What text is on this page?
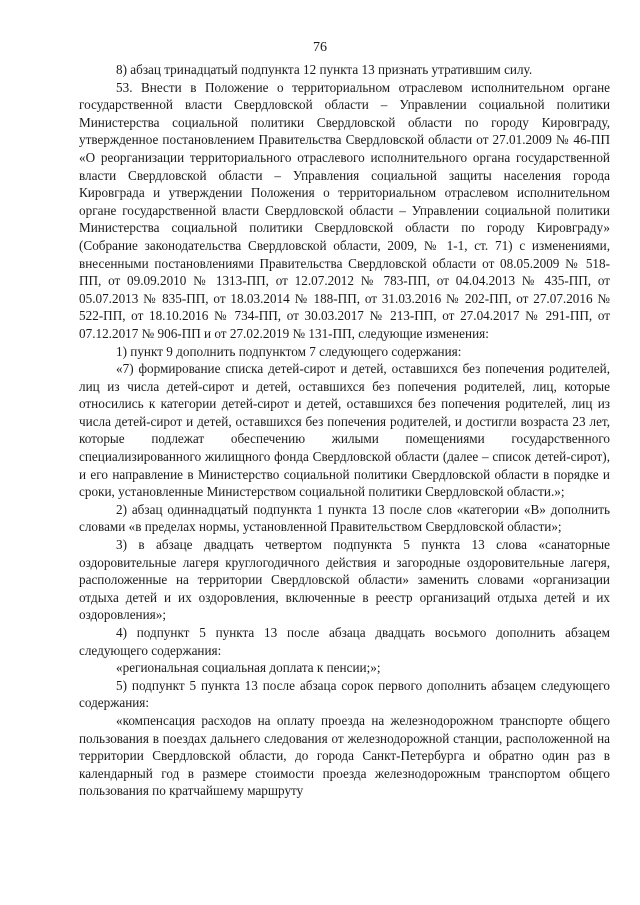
76

8) абзац тринадцатый подпункта 12 пункта 13 признать утратившим силу.

53. Внести в Положение о территориальном отраслевом исполнительном органе государственной власти Свердловской области – Управлении социальной политики Министерства социальной политики Свердловской области по городу Кировграду, утвержденное постановлением Правительства Свердловской области от 27.01.2009 № 46-ПП «О реорганизации территориального отраслевого исполнительного органа государственной власти Свердловской области – Управления социальной защиты населения города Кировграда и утверждении Положения о территориальном отраслевом исполнительном органе государственной власти Свердловской области – Управлении социальной политики Министерства социальной политики Свердловской области по городу Кировграду» (Собрание законодательства Свердловской области, 2009, № 1-1, ст. 71) с изменениями, внесенными постановлениями Правительства Свердловской области от 08.05.2009 № 518-ПП, от 09.09.2010 № 1313-ПП, от 12.07.2012 № 783-ПП, от 04.04.2013 № 435-ПП, от 05.07.2013 № 835-ПП, от 18.03.2014 № 188-ПП, от 31.03.2016 № 202-ПП, от 27.07.2016 № 522-ПП, от 18.10.2016 № 734-ПП, от 30.03.2017 № 213-ПП, от 27.04.2017 № 291-ПП, от 07.12.2017 № 906-ПП и от 27.02.2019 № 131-ПП, следующие изменения:

1) пункт 9 дополнить подпунктом 7 следующего содержания:

«7) формирование списка детей-сирот и детей, оставшихся без попечения родителей, лиц из числа детей-сирот и детей, оставшихся без попечения родителей, лиц, которые относились к категории детей-сирот и детей, оставшихся без попечения родителей, лиц из числа детей-сирот и детей, оставшихся без попечения родителей, и достигли возраста 23 лет, которые подлежат обеспечению жилыми помещениями государственного специализированного жилищного фонда Свердловской области (далее – список детей-сирот), и его направление в Министерство социальной политики Свердловской области в порядке и сроки, установленные Министерством социальной политики Свердловской области.»;

2) абзац одиннадцатый подпункта 1 пункта 13 после слов «категории «В» дополнить словами «в пределах нормы, установленной Правительством Свердловской области»;

3) в абзаце двадцать четвертом подпункта 5 пункта 13 слова «санаторные оздоровительные лагеря круглогодичного действия и загородные оздоровительные лагеря, расположенные на территории Свердловской области» заменить словами «организации отдыха детей и их оздоровления, включенные в реестр организаций отдыха детей и их оздоровления»;

4) подпункт 5 пункта 13 после абзаца двадцать восьмого дополнить абзацем следующего содержания:

«региональная социальная доплата к пенсии;»;

5) подпункт 5 пункта 13 после абзаца сорок первого дополнить абзацем следующего содержания:

«компенсация расходов на оплату проезда на железнодорожном транспорте общего пользования в поездах дальнего следования от железнодорожной станции, расположенной на территории Свердловской области, до города Санкт-Петербурга и обратно один раз в календарный год в размере стоимости проезда железнодорожным транспортом общего пользования по кратчайшему маршруту
